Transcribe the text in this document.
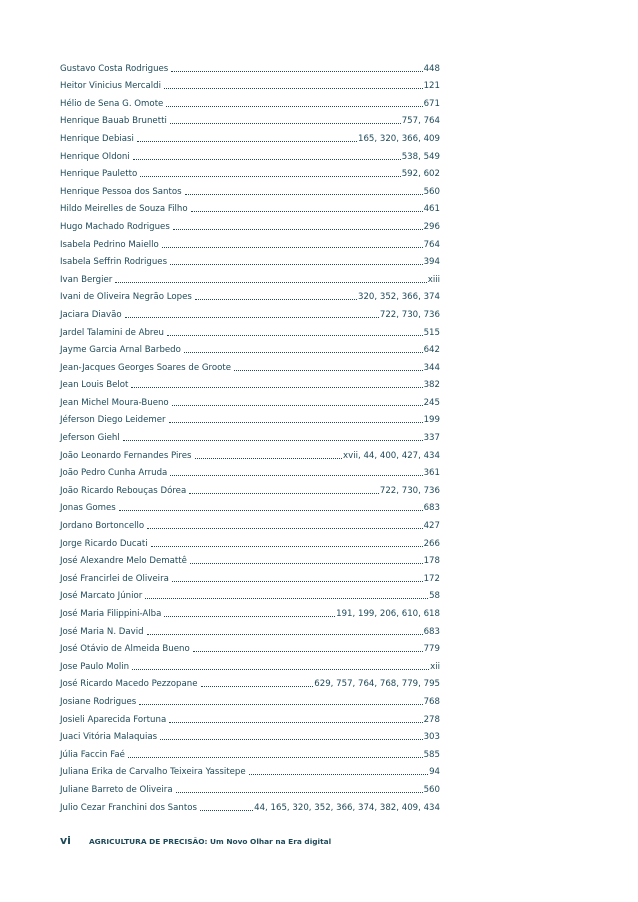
Gustavo Costa Rodrigues	448
Heitor Vinicius Mercaldi	121
Hélio de Sena G. Omote	671
Henrique Bauab Brunetti	757, 764
Henrique Debiasi	165, 320, 366, 409
Henrique Oldoni	538, 549
Henrique Pauletto	592, 602
Henrique Pessoa dos Santos	560
Hildo Meirelles de Souza Filho	461
Hugo Machado Rodrigues	296
Isabela Pedrino Maiello	764
Isabela Seffrin Rodrigues	394
Ivan Bergier	xiii
Ivani de Oliveira Negrão Lopes	320, 352, 366, 374
Jaciara Diavão	722, 730, 736
Jardel Talamini de Abreu	515
Jayme Garcia Arnal Barbedo	642
Jean-Jacques Georges Soares de Groote	344
Jean Louis Belot	382
Jean Michel Moura-Bueno	245
Jéferson Diego Leidemer	199
Jeferson Giehl	337
João Leonardo Fernandes Pires	xvii, 44, 400, 427, 434
João Pedro Cunha Arruda	361
João Ricardo Rebouças Dórea	722, 730, 736
Jonas Gomes	683
Jordano Bortoncello	427
Jorge Ricardo Ducati	266
José Alexandre Melo Demattê	178
José Francirlei de Oliveira	172
José Marcato Júnior	58
José Maria Filippini-Alba	191, 199, 206, 610, 618
José Maria N. David	683
José Otávio de Almeida Bueno	779
Jose Paulo Molin	xii
José Ricardo Macedo Pezzopane	629, 757, 764, 768, 779, 795
Josiane Rodrigues	768
Josieli Aparecida Fortuna	278
Juaci Vitória Malaquias	303
Júlia Faccin Faé	585
Juliana Erika de Carvalho Teixeira Yassitepe	94
Juliane Barreto de Oliveira	560
Julio Cezar Franchini dos Santos	44, 165, 320, 352, 366, 374, 382, 409, 434
vi AGRICULTURA DE PRECISÃO: Um Novo Olhar na Era digital
